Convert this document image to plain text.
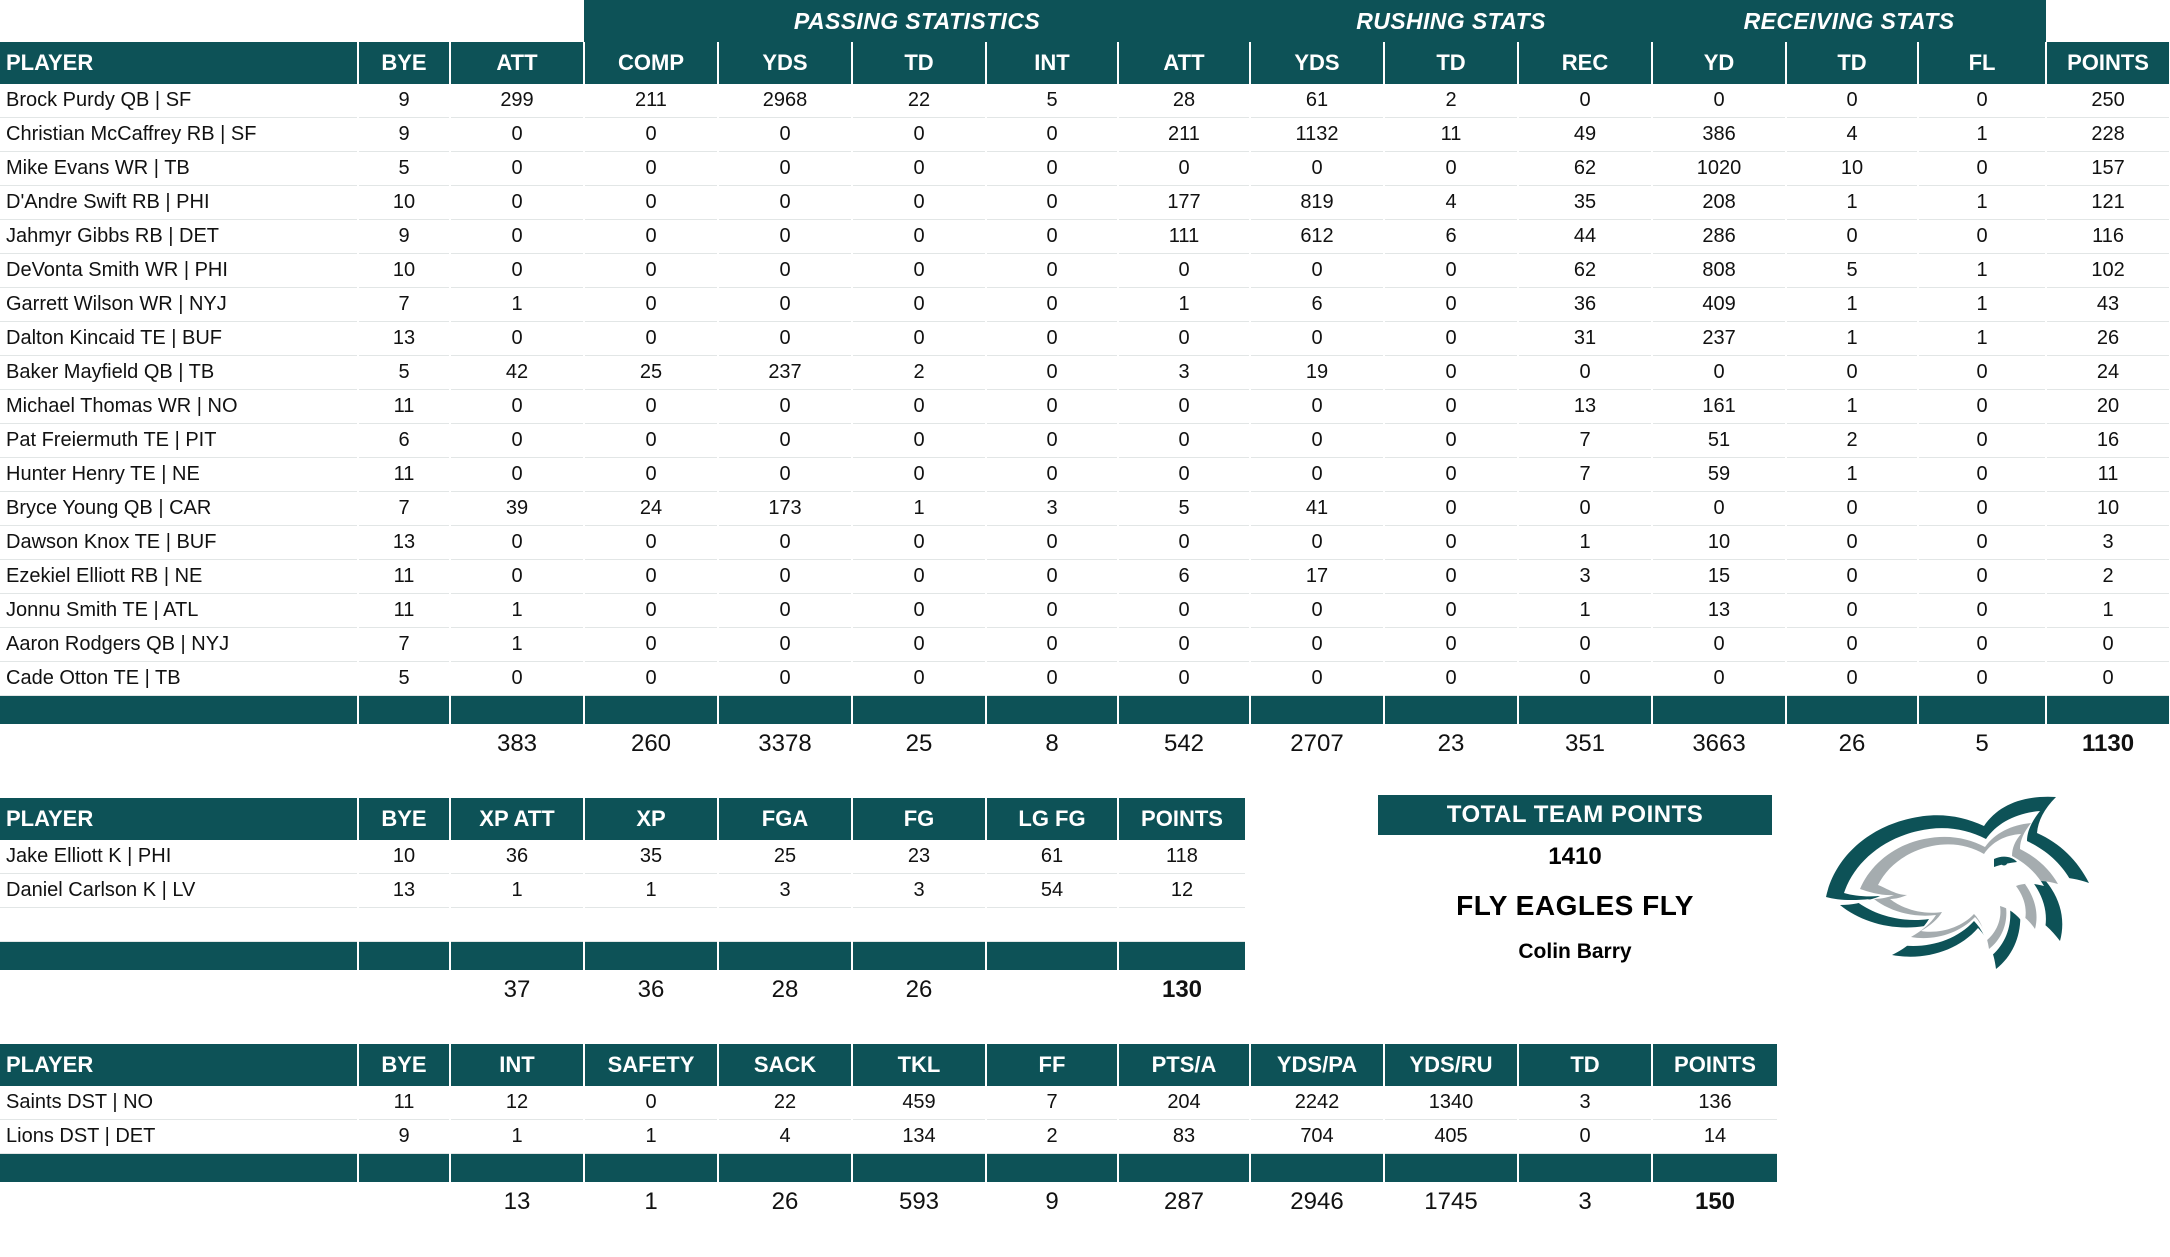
			PASSING STATISTICS					RUSHING STATS			RECEIVING STATS			
PLAYER	BYE	ATT	COMP	YDS	TD	INT	ATT	YDS	TD	REC	YD	TD	FL	POINTS
Brock Purdy QB | SF	9	299	211	2968	22	5	28	61	2	0	0	0	0	250
Christian McCaffrey RB | SF	9	0	0	0	0	0	211	1132	11	49	386	4	1	228
Mike Evans WR | TB	5	0	0	0	0	0	0	0	0	62	1020	10	0	157
D'Andre Swift RB | PHI	10	0	0	0	0	0	177	819	4	35	208	1	1	121
Jahmyr Gibbs RB | DET	9	0	0	0	0	0	111	612	6	44	286	0	0	116
DeVonta Smith WR | PHI	10	0	0	0	0	0	0	0	0	62	808	5	1	102
Garrett Wilson WR | NYJ	7	1	0	0	0	0	1	6	0	36	409	1	1	43
Dalton Kincaid TE | BUF	13	0	0	0	0	0	0	0	0	31	237	1	1	26
Baker Mayfield QB | TB	5	42	25	237	2	0	3	19	0	0	0	0	0	24
Michael Thomas WR | NO	11	0	0	0	0	0	0	0	0	13	161	1	0	20
Pat Freiermuth TE | PIT	6	0	0	0	0	0	0	0	0	7	51	2	0	16
Hunter Henry TE | NE	11	0	0	0	0	0	0	0	0	7	59	1	0	11
Bryce Young QB | CAR	7	39	24	173	1	3	5	41	0	0	0	0	0	10
Dawson Knox TE | BUF	13	0	0	0	0	0	0	0	0	1	10	0	0	3
Ezekiel Elliott RB | NE	11	0	0	0	0	0	6	17	0	3	15	0	0	2
Jonnu Smith TE | ATL	11	1	0	0	0	0	0	0	0	1	13	0	0	1
Aaron Rodgers QB | NYJ	7	1	0	0	0	0	0	0	0	0	0	0	0	0
Cade Otton TE | TB	5	0	0	0	0	0	0	0	0	0	0	0	0	0

		383	260	3378	25	8	542	2707	23	351	3663	26	5	1130
PLAYER	BYE	XP ATT	XP	FGA	FG	LG FG	POINTS
Jake Elliott K | PHI	10	36	35	25	23	61	118
Daniel Carlson K | LV	13	1	1	3	3	54	12

		37	36	28	26		130
PLAYER	BYE	INT	SAFETY	SACK	TKL	FF	PTS/A	YDS/PA	YDS/RU	TD	POINTS
Saints DST | NO	11	12	0	22	459	7	204	2242	1340	3	136
Lions DST | DET	9	1	1	4	134	2	83	704	405	0	14

		13	1	26	593	9	287	2946	1745	3	150
TOTAL TEAM POINTS
1410
FLY EAGLES FLY
Colin Barry
